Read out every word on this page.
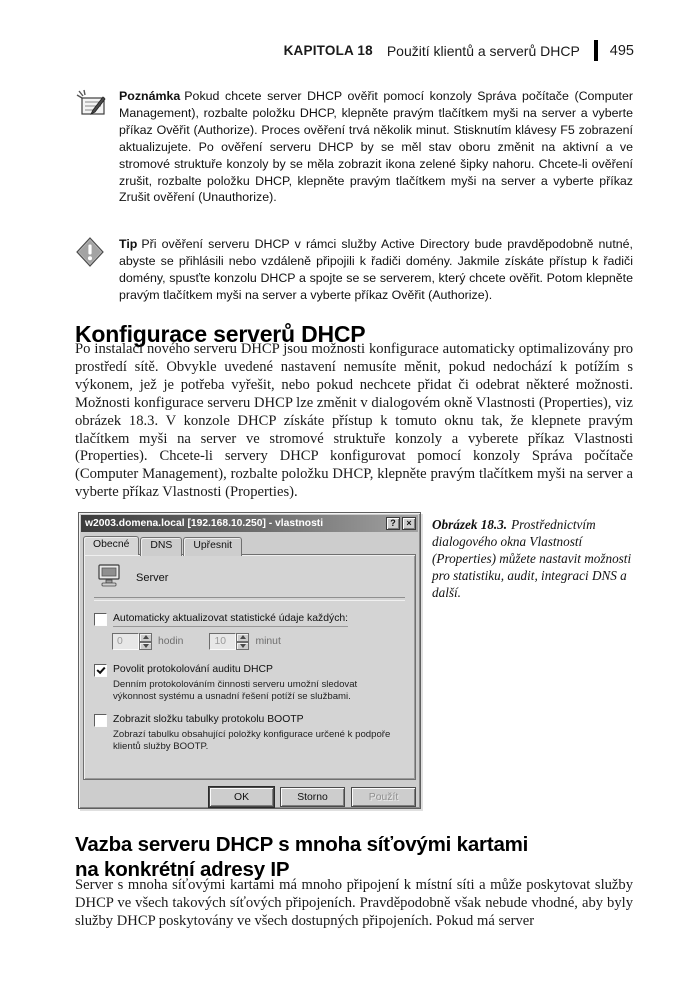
KAPITOLA 18 Použití klientů a serverů DHCP 495

Poznámka Pokud chcete server DHCP ověřit pomocí konzoly Správa počítače (Computer Management), rozbalte položku DHCP, klepněte pravým tlačítkem myši na server a vyberte příkaz Ověřit (Authorize). Proces ověření trvá několik minut. Stisknutím klávesy F5 zobrazení aktualizujete. Po ověření serveru DHCP by se měl stav oboru změnit na aktivní a ve stromové struktuře konzoly by se měla zobrazit ikona zelené šipky nahoru. Chcete-li ověření zrušit, rozbalte položku DHCP, klepněte pravým tlačítkem myši na server a vyberte příkaz Zrušit ověření (Unauthorize).

Tip Při ověření serveru DHCP v rámci služby Active Directory bude pravděpodobně nutné, abyste se přihlásili nebo vzdáleně připojili k řadiči domény. Jakmile získáte přístup k řadiči domény, spusťte konzolu DHCP a spojte se se serverem, který chcete ověřit. Potom klepněte pravým tlačítkem myši na server a vyberte příkaz Ověřit (Authorize).

Konfigurace serverů DHCP

Po instalaci nového serveru DHCP jsou možnosti konfigurace automaticky optimalizovány pro prostředí sítě. Obvykle uvedené nastavení nemusíte měnit, pokud nedochází k potížím s výkonem, jež je potřeba vyřešit, nebo pokud nechcete přidat či odebrat některé možnosti. Možnosti konfigurace serveru DHCP lze změnit v dialogovém okně Vlastnosti (Properties), viz obrázek 18.3. V konzole DHCP získáte přístup k tomuto oknu tak, že klepnete pravým tlačítkem myši na server ve stromové struktuře konzoly a vyberete příkaz Vlastnosti (Properties). Chcete-li servery DHCP konfigurovat pomocí konzoly Správa počítače (Computer Management), rozbalte položku DHCP, klepněte pravým tlačítkem myši na server a vyberte příkaz Vlastnosti (Properties).

w2003.domena.local [192.168.10.250] - vlastnosti	?	×
Obecné	DNS	Upřesnit
Server
Automaticky aktualizovat statistické údaje každých:
0	hodin	10	minut
Povolit protokolování auditu DHCP
Denním protokolováním činnosti serveru umožní sledovat výkonnost systému a usnadní řešení potíží se službami.
Zobrazit složku tabulky protokolu BOOTP
Zobrazí tabulku obsahující položky konfigurace určené k podpoře klientů služby BOOTP.
OK	Storno	Použít
Obrázek 18.3. Prostřednictvím dialogového okna Vlastností (Properties) můžete nastavit možnosti pro statistiku, audit, integraci DNS a další.
Vazba serveru DHCP s mnoha síťovými kartami
na konkrétní adresy IP

Server s mnoha síťovými kartami má mnoho připojení k místní síti a může poskytovat služby DHCP ve všech takových síťových připojeních. Pravděpodobně však nebude vhodné, aby byly služby DHCP poskytovány ve všech dostupných připojeních. Pokud má server
